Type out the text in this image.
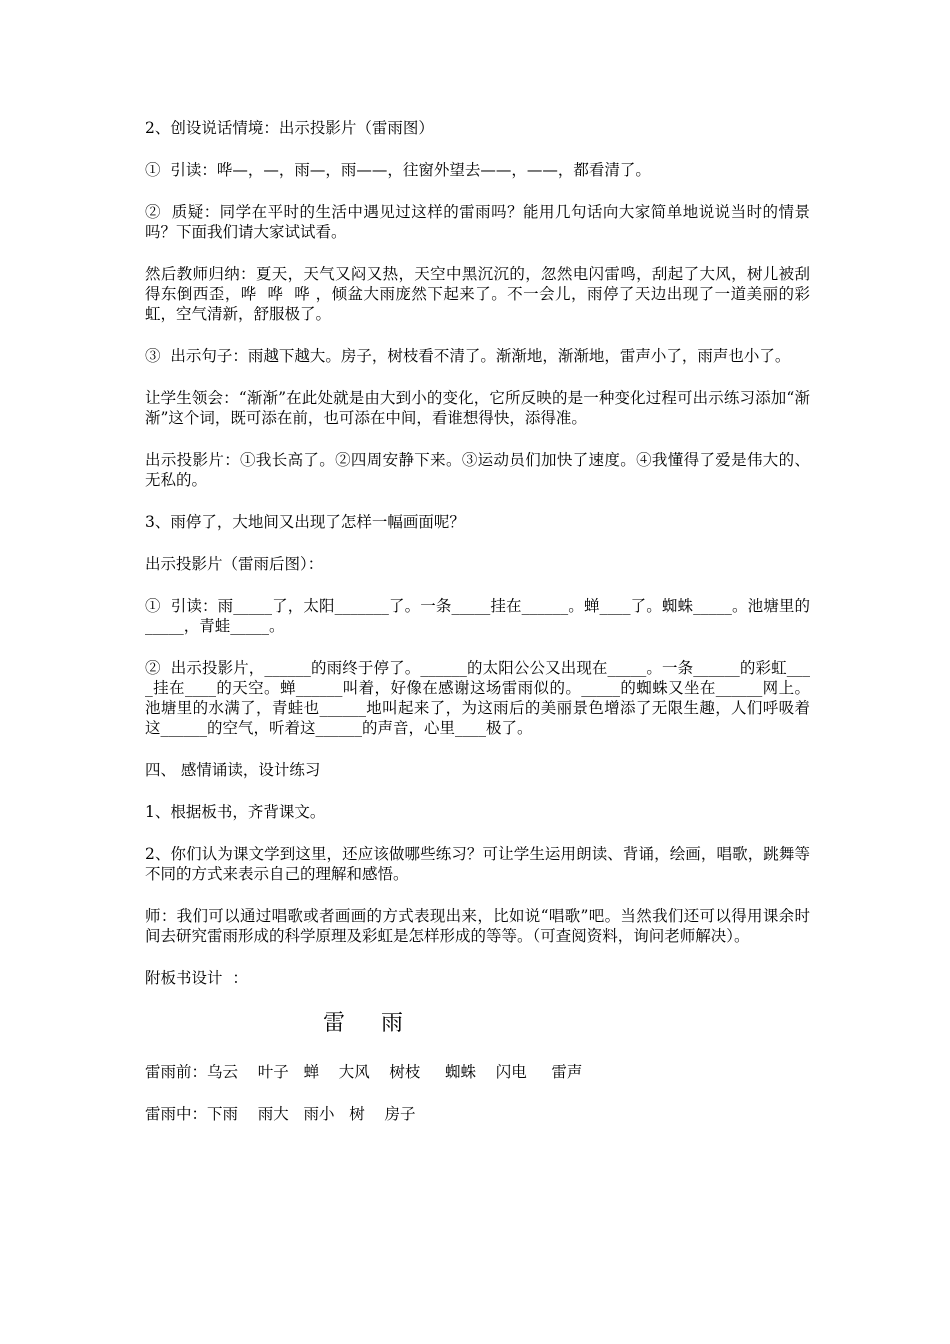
2、创设说话情境：出示投影片（雷雨图）

①  引读：哗—，—，雨—，雨——，往窗外望去——，——，都看清了。

②  质疑：同学在平时的生活中遇见过这样的雷雨吗？能用几句话向大家简单地说说当时的情景吗？下面我们请大家试试看。

然后教师归纳：夏天，天气又闷又热，天空中黑沉沉的，忽然电闪雷鸣，刮起了大风，树儿被刮得东倒西歪，哗  哗  哗 ，倾盆大雨庞然下起来了。不一会儿，雨停了天边出现了一道美丽的彩虹，空气清新，舒服极了。

③  出示句子：雨越下越大。房子，树枝看不清了。渐渐地，渐渐地，雷声小了，雨声也小了。

让学生领会：“渐渐”在此处就是由大到小的变化，它所反映的是一种变化过程可出示练习添加“渐渐”这个词，既可添在前，也可添在中间，看谁想得快，添得准。

出示投影片：①我长高了。②四周安静下来。③运动员们加快了速度。④我懂得了爱是伟大的、无私的。

3、雨停了，大地间又出现了怎样一幅画面呢？

出示投影片（雷雨后图）：

①  引读：雨_____了，太阳_______了。一条_____挂在______。蝉____了。蜘蛛_____。池塘里的_____，青蛙_____。

②  出示投影片，______的雨终于停了。______的太阳公公又出现在_____。一条______的彩虹____挂在____的天空。蝉______叫着，好像在感谢这场雷雨似的。_____的蜘蛛又坐在______网上。池塘里的水满了，青蛙也______地叫起来了，为这雨后的美丽景色增添了无限生趣，人们呼吸着这______的空气，听着这______的声音，心里____极了。

四、 感情诵读，设计练习

1、根据板书，齐背课文。

2、你们认为课文学到这里，还应该做哪些练习？可让学生运用朗读、背诵，绘画，唱歌，跳舞等不同的方式来表示自己的理解和感悟。

师：我们可以通过唱歌或者画画的方式表现出来，比如说“唱歌”吧。当然我们还可以得用课余时间去研究雷雨形成的科学原理及彩虹是怎样形成的等等。（可查阅资料，询问老师解决）。

附板书设计  ：

雷 雨
雷雨前：乌云    叶子   蝉    大风    树枝     蜘蛛    闪电     雷声
雷雨中：下雨    雨大   雨小   树    房子
